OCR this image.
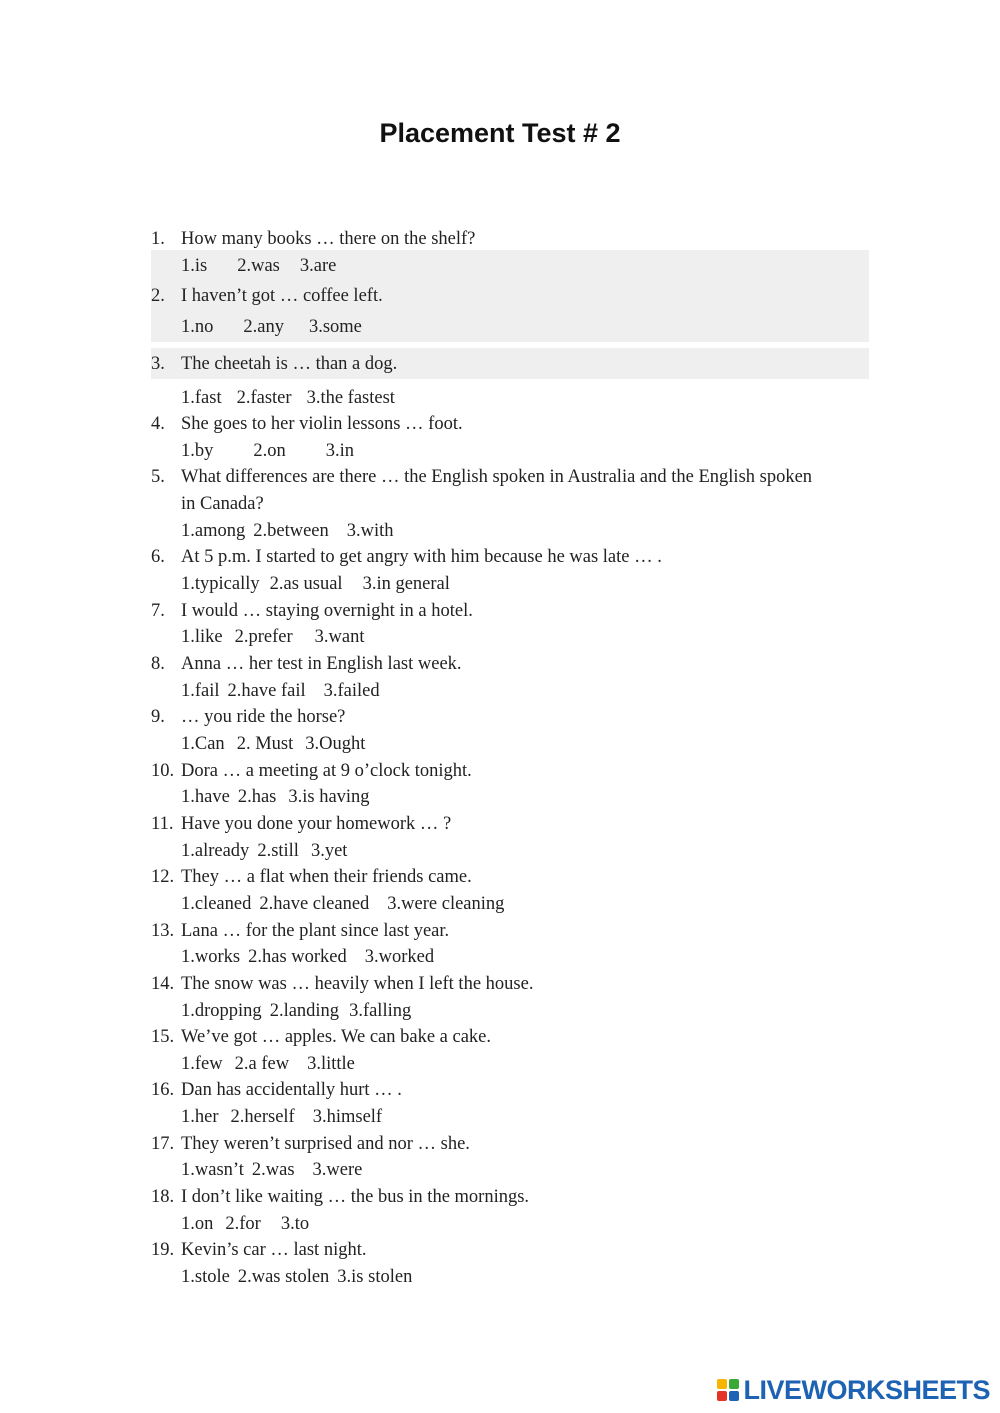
Placement Test # 2
1. How many books … there on the shelf?
1.is 2.was 3.are
2. I haven’t got … coffee left.
1.no 2.any 3.some
3. The cheetah is … than a dog.
1.fast 2.faster 3.the fastest
4. She goes to her violin lessons … foot.
1.by 2.on 3.in
5. What differences are there … the English spoken in Australia and the English spoken
in Canada?
1.among 2.between 3.with
6. At 5 p.m. I started to get angry with him because he was late … .
1.typically 2.as usual 3.in general
7. I would … staying overnight in a hotel.
1.like 2.prefer 3.want
8. Anna … her test in English last week.
1.fail 2.have fail 3.failed
9. … you ride the horse?
1.Can 2. Must 3.Ought
10. Dora … a meeting at 9 o’clock tonight.
1.have 2.has 3.is having
11. Have you done your homework … ?
1.already 2.still 3.yet
12. They … a flat when their friends came.
1.cleaned 2.have cleaned 3.were cleaning
13. Lana … for the plant since last year.
1.works 2.has worked 3.worked
14. The snow was … heavily when I left the house.
1.dropping 2.landing 3.falling
15. We’ve got … apples. We can bake a cake.
1.few 2.a few 3.little
16. Dan has accidentally hurt … .
1.her 2.herself 3.himself
17. They weren’t surprised and nor … she.
1.wasn’t 2.was 3.were
18. I don’t like waiting … the bus in the mornings.
1.on 2.for 3.to
19. Kevin’s car … last night.
1.stole 2.was stolen 3.is stolen
LIVEWORKSHEETS
